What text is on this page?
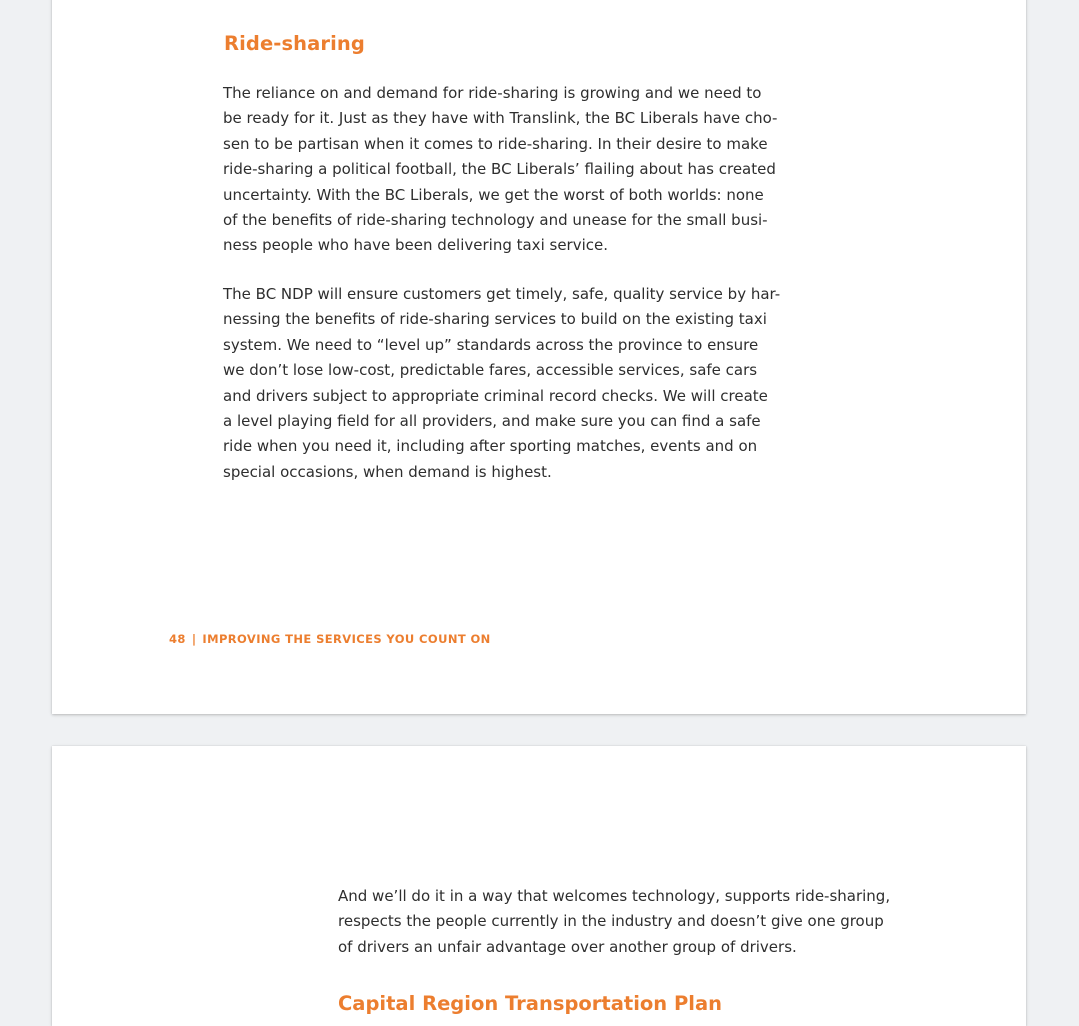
Ride-sharing

The reliance on and demand for ride-sharing is growing and we need to
be ready for it. Just as they have with Translink, the BC Liberals have cho-
sen to be partisan when it comes to ride-sharing. In their desire to make
ride-sharing a political football, the BC Liberals’ flailing about has created
uncertainty. With the BC Liberals, we get the worst of both worlds: none
of the benefits of ride-sharing technology and unease for the small busi-
ness people who have been delivering taxi service.

The BC NDP will ensure customers get timely, safe, quality service by har-
nessing the benefits of ride-sharing services to build on the existing taxi
system. We need to “level up” standards across the province to ensure
we don’t lose low-cost, predictable fares, accessible services, safe cars
and drivers subject to appropriate criminal record checks. We will create
a level playing field for all providers, and make sure you can find a safe
ride when you need it, including after sporting matches, events and on
special occasions, when demand is highest.

48 | IMPROVING THE SERVICES YOU COUNT ON

And we’ll do it in a way that welcomes technology, supports ride-sharing,
respects the people currently in the industry and doesn’t give one group
of drivers an unfair advantage over another group of drivers.

Capital Region Transportation Plan
